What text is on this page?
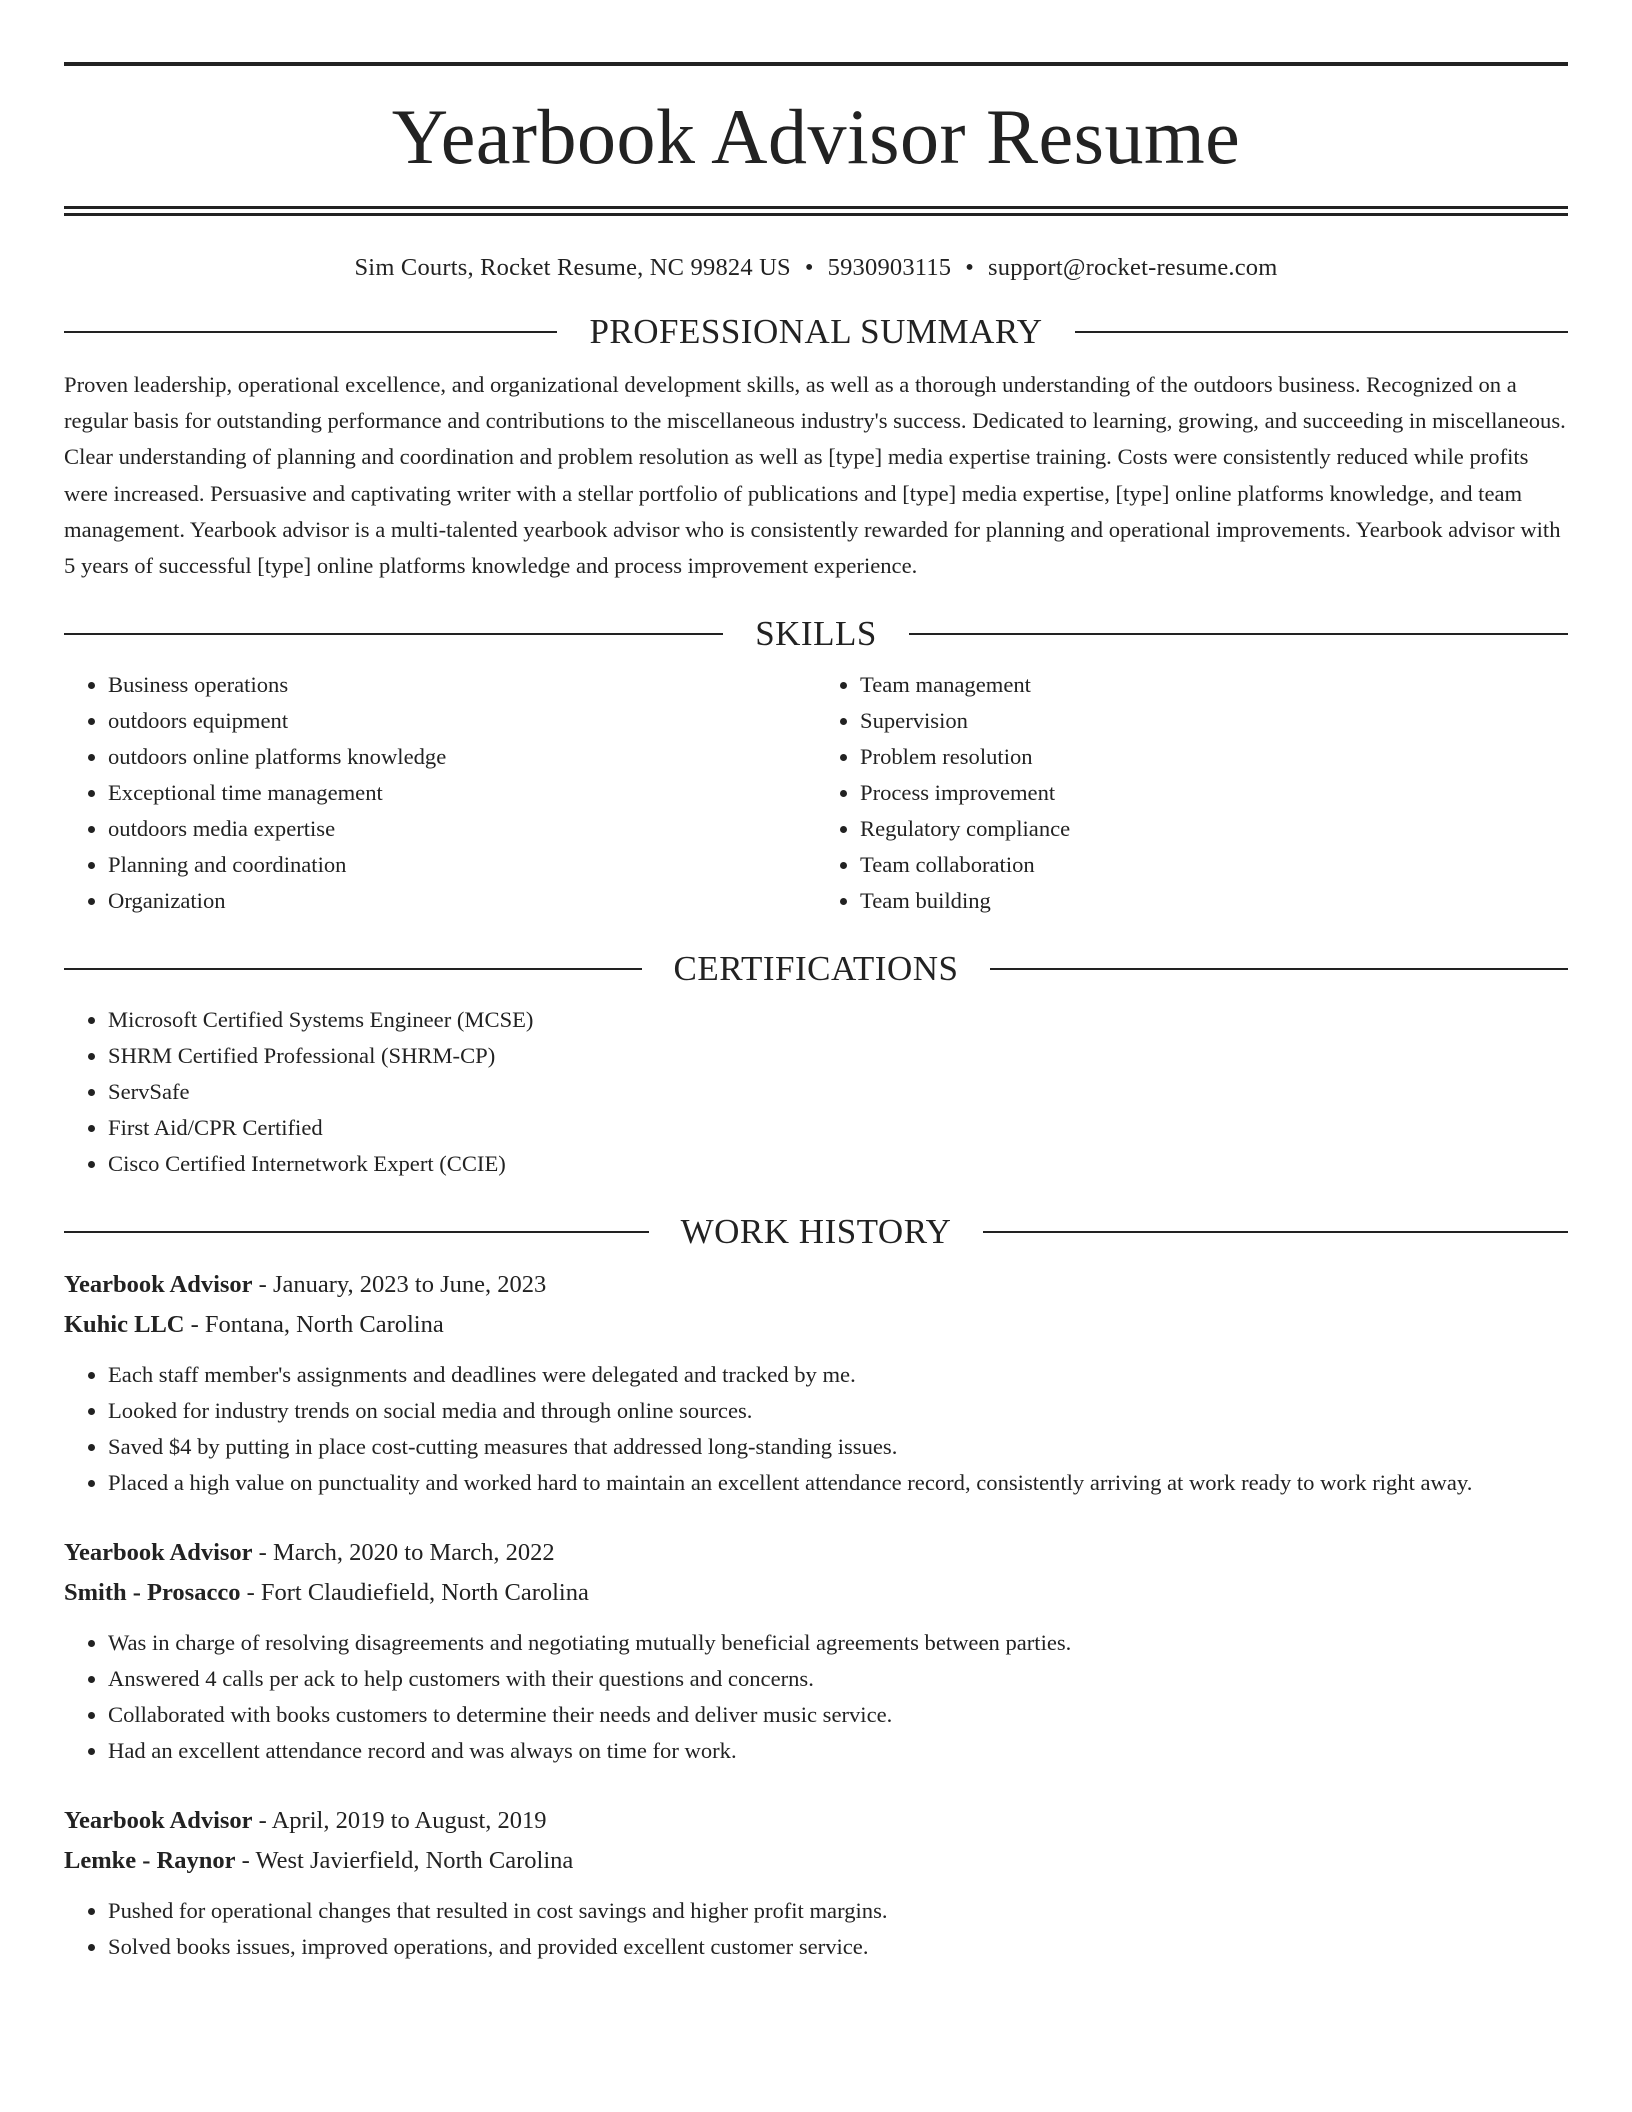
Yearbook Advisor Resume
Sim Courts, Rocket Resume, NC 99824 US • 5930903115 • support@rocket-resume.com
PROFESSIONAL SUMMARY

Proven leadership, operational excellence, and organizational development skills, as well as a thorough understanding of the outdoors business. Recognized on a regular basis for outstanding performance and contributions to the miscellaneous industry's success. Dedicated to learning, growing, and succeeding in miscellaneous. Clear understanding of planning and coordination and problem resolution as well as [type] media expertise training. Costs were consistently reduced while profits were increased. Persuasive and captivating writer with a stellar portfolio of publications and [type] media expertise, [type] online platforms knowledge, and team management. Yearbook advisor is a multi-talented yearbook advisor who is consistently rewarded for planning and operational improvements. Yearbook advisor with 5 years of successful [type] online platforms knowledge and process improvement experience.

SKILLS
• Business operations
• outdoors equipment
• outdoors online platforms knowledge
• Exceptional time management
• outdoors media expertise
• Planning and coordination
• Organization
• Team management
• Supervision
• Problem resolution
• Process improvement
• Regulatory compliance
• Team collaboration
• Team building
CERTIFICATIONS
• Microsoft Certified Systems Engineer (MCSE)
• SHRM Certified Professional (SHRM-CP)
• ServSafe
• First Aid/CPR Certified
• Cisco Certified Internetwork Expert (CCIE)
WORK HISTORY
Yearbook Advisor - January, 2023 to June, 2023
Kuhic LLC - Fontana, North Carolina
• Each staff member's assignments and deadlines were delegated and tracked by me.
• Looked for industry trends on social media and through online sources.
• Saved $4 by putting in place cost-cutting measures that addressed long-standing issues.
• Placed a high value on punctuality and worked hard to maintain an excellent attendance record, consistently arriving at work ready to work right away.
Yearbook Advisor - March, 2020 to March, 2022
Smith - Prosacco - Fort Claudiefield, North Carolina
• Was in charge of resolving disagreements and negotiating mutually beneficial agreements between parties.
• Answered 4 calls per ack to help customers with their questions and concerns.
• Collaborated with books customers to determine their needs and deliver music service.
• Had an excellent attendance record and was always on time for work.
Yearbook Advisor - April, 2019 to August, 2019
Lemke - Raynor - West Javierfield, North Carolina
• Pushed for operational changes that resulted in cost savings and higher profit margins.
• Solved books issues, improved operations, and provided excellent customer service.
